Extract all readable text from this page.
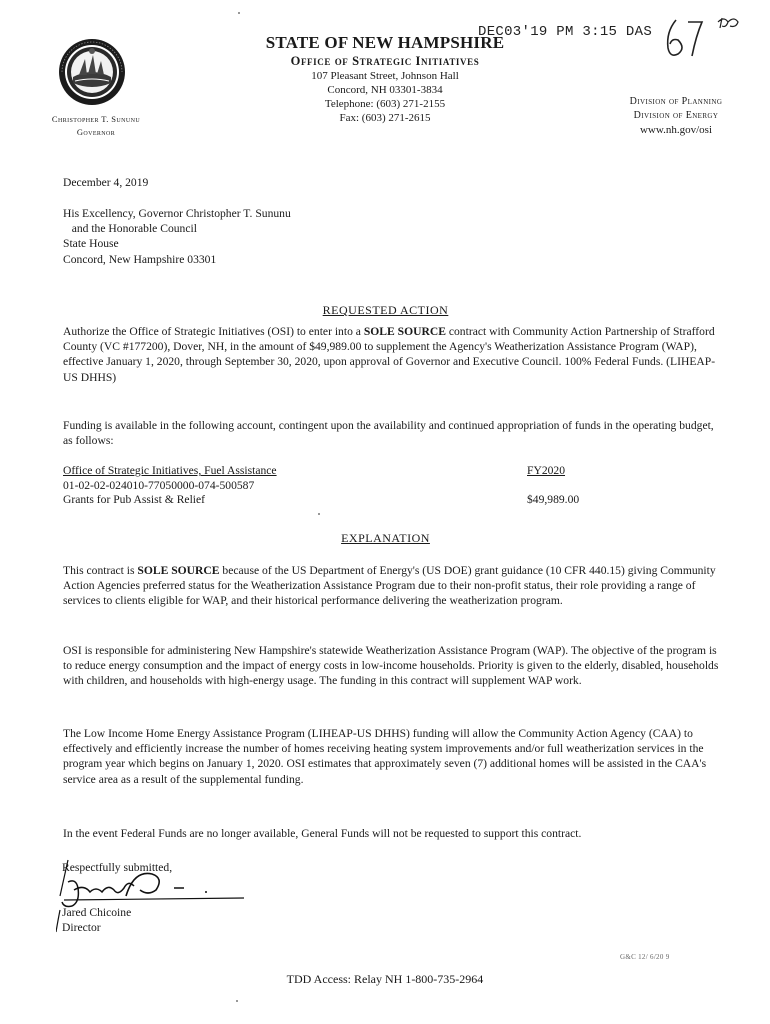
Christopher T. Sununu
Governor
STATE OF NEW HAMPSHIRE
Office of Strategic Initiatives
107 Pleasant Street, Johnson Hall
Concord, NH 03301-3834
Telephone: (603) 271-2155
Fax: (603) 271-2615
DEC03'19 PM 3:15 DAS
Division of Planning
Division of Energy
www.nh.gov/osi
December 4, 2019

His Excellency, Governor Christopher T. Sununu

and the Honorable Council

State House

Concord, New Hampshire 03301

REQUESTED ACTION

Authorize the Office of Strategic Initiatives (OSI) to enter into a SOLE SOURCE contract with Community Action Partnership of Strafford County (VC #177200), Dover, NH, in the amount of $49,989.00 to supplement the Agency's Weatherization Assistance Program (WAP), effective January 1, 2020, through September 30, 2020, upon approval of Governor and Executive Council. 100% Federal Funds. (LIHEAP-US DHHS)

Funding is available in the following account, contingent upon the availability and continued appropriation of funds in the operating budget, as follows:
Office of Strategic Initiatives, Fuel Assistance	FY2020
01-02-02-024010-77050000-074-500587
Grants for Pub Assist & Relief	$49,989.00
EXPLANATION

This contract is SOLE SOURCE because of the US Department of Energy's (US DOE) grant guidance (10 CFR 440.15) giving Community Action Agencies preferred status for the Weatherization Assistance Program due to their non-profit status, their role providing a range of services to clients eligible for WAP, and their historical performance delivering the weatherization program.

OSI is responsible for administering New Hampshire's statewide Weatherization Assistance Program (WAP). The objective of the program is to reduce energy consumption and the impact of energy costs in low-income households. Priority is given to the elderly, disabled, households with children, and households with high-energy usage. The funding in this contract will supplement WAP work.
The Low Income Home Energy Assistance Program (LIHEAP-US DHHS) funding will allow the Community Action Agency (CAA) to effectively and efficiently increase the number of homes receiving heating system improvements and/or full weatherization services in the program year which begins on January 1, 2020. OSI estimates that approximately seven (7) additional homes will be assisted in the CAA's service area as a result of the supplemental funding.
In the event Federal Funds are no longer available, General Funds will not be requested to support this contract.
Respectfully submitted,
Jared Chicoine
Director
G&C 12/ 6/20 9
TDD Access: Relay NH 1-800-735-2964
